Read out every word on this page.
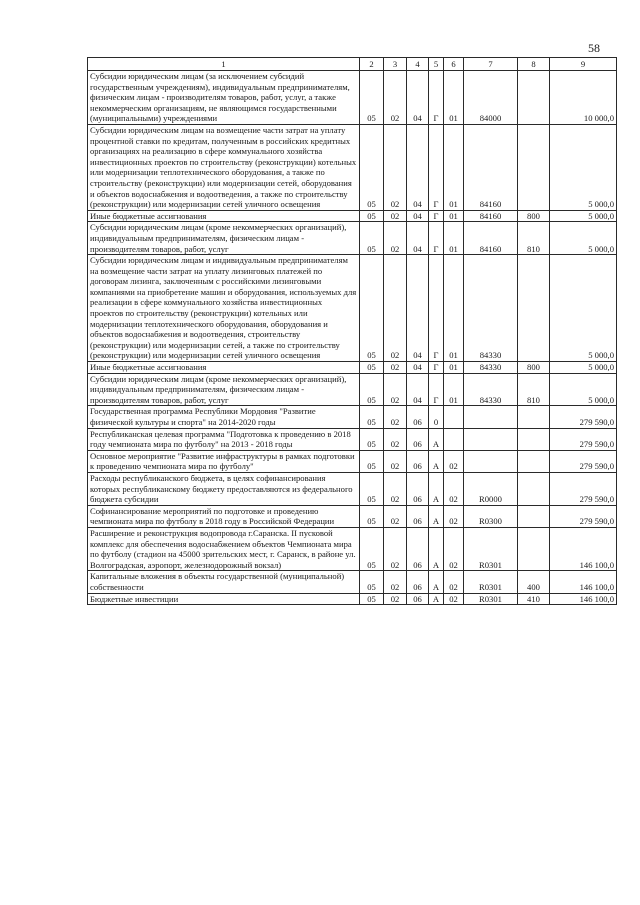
58
1	2	3	4	5	6	7	8	9
Субсидии юридическим лицам (за исключением субсидий государственным учреждениям), индивидуальным предпринимателям, физическим лицам - производителям товаров, работ, услуг, а также некоммерческим организациям, не являющимся государственными (муниципальными) учреждениями	05	02	04	Г	01	84000		10 000,0
Субсидии юридическим лицам на возмещение части затрат на уплату процентной ставки по кредитам, полученным в российских кредитных организациях на реализацию в сфере коммунального хозяйства инвестиционных проектов по строительству (реконструкции) котельных или модернизации теплотехнического оборудования, а также по строительству (реконструкции) или модернизации сетей, оборудования и объектов водоснабжения и водоотведения, а также по строительству (реконструкции) или модернизации сетей уличного освещения	05	02	04	Г	01	84160		5 000,0
Иные бюджетные ассигнования	05	02	04	Г	01	84160	800	5 000,0
Субсидии юридическим лицам (кроме некоммерческих организаций), индивидуальным предпринимателям, физическим лицам - производителям товаров, работ, услуг	05	02	04	Г	01	84160	810	5 000,0
Субсидии юридическим лицам и индивидуальным предпринимателям на возмещение части затрат на уплату лизинговых платежей по договорам лизинга, заключенным с российскими лизинговыми компаниями на приобретение машин и оборудования, используемых для реализации в сфере коммунального хозяйства инвестиционных проектов по строительству (реконструкции) котельных или модернизации теплотехнического оборудования, оборудования и объектов водоснабжения и водоотведения, строительству (реконструкции) или модернизации сетей, а также по строительству (реконструкции) или модернизации сетей уличного освещения	05	02	04	Г	01	84330		5 000,0
Иные бюджетные ассигнования	05	02	04	Г	01	84330	800	5 000,0
Субсидии юридическим лицам (кроме некоммерческих организаций), индивидуальным предпринимателям, физическим лицам - производителям товаров, работ, услуг	05	02	04	Г	01	84330	810	5 000,0
Государственная программа Республики Мордовия "Развитие физической культуры и спорта" на 2014-2020 годы	05	02	06	0				279 590,0
Республиканская целевая программа "Подготовка к проведению в 2018 году чемпионата мира по футболу" на 2013 - 2018 годы	05	02	06	А				279 590,0
Основное мероприятие "Развитие инфраструктуры в рамках подготовки к проведению чемпионата мира по футболу"	05	02	06	А	02			279 590,0
Расходы республиканского бюджета, в целях софинансирования которых республиканскому бюджету предоставляются из федерального бюджета субсидии	05	02	06	А	02	R0000		279 590,0
Софинансирование мероприятий по подготовке и проведению чемпионата мира по футболу в 2018 году в Российской Федерации	05	02	06	А	02	R0300		279 590,0
Расширение и реконструкция водопровода г.Саранска. II пусковой комплекс для обеспечения водоснабжением объектов Чемпионата мира по футболу (стадион на 45000 зрительских мест, г. Саранск, в районе ул. Волгоградская, аэропорт, железнодорожный вокзал)	05	02	06	А	02	R0301		146 100,0
Капитальные вложения в объекты государственной (муниципальной) собственности	05	02	06	А	02	R0301	400	146 100,0
Бюджетные инвестиции	05	02	06	А	02	R0301	410	146 100,0
